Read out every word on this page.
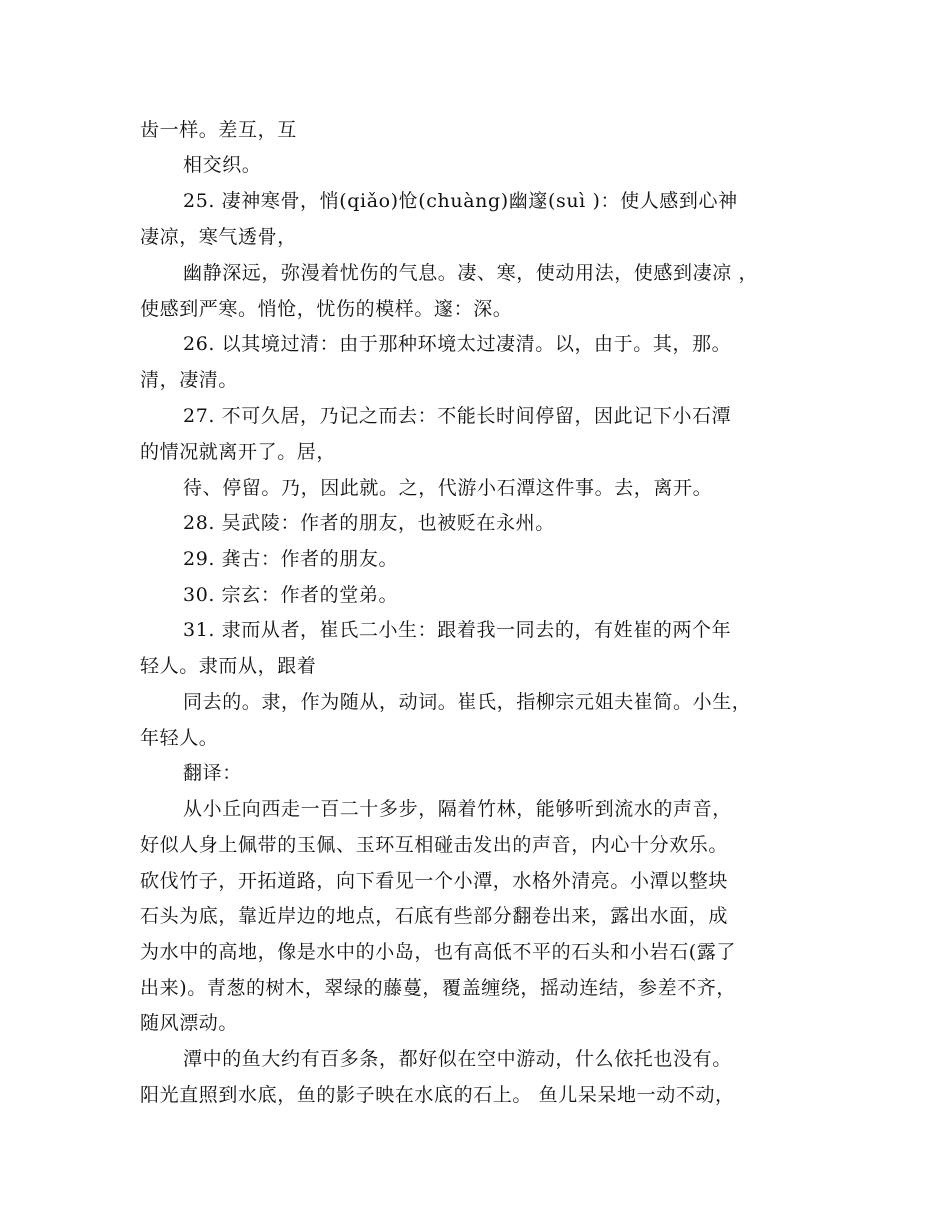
齿一样。差互，互
相交织。
25. 凄神寒骨，悄(qiǎo)怆(chuàng)幽邃(suì )：使人感到心神
凄凉，寒气透骨，
幽静深远，弥漫着忧伤的气息。凄、寒，使动用法，使感到凄凉 ，
使感到严寒。悄怆，忧伤的模样。邃：深。
26. 以其境过清：由于那种环境太过凄清。以，由于。其，那。
清，凄清。
27. 不可久居，乃记之而去：不能长时间停留，因此记下小石潭
的情况就离开了。居，
待、停留。乃，因此就。之，代游小石潭这件事。去，离开。
28. 吴武陵：作者的朋友，也被贬在永州。
29. 龚古：作者的朋友。
30. 宗玄：作者的堂弟。
31. 隶而从者，崔氏二小生：跟着我一同去的，有姓崔的两个年
轻人。隶而从，跟着
同去的。隶，作为随从，动词。崔氏，指柳宗元姐夫崔简。小生，
年轻人。
翻译：
从小丘向西走一百二十多步，隔着竹林，能够听到流水的声音，
好似人身上佩带的玉佩、玉环互相碰击发出的声音，内心十分欢乐。
砍伐竹子，开拓道路，向下看见一个小潭，水格外清亮。小潭以整块
石头为底，靠近岸边的地点，石底有些部分翻卷出来，露出水面，成
为水中的高地，像是水中的小岛，也有高低不平的石头和小岩石(露了
出来)。青葱的树木，翠绿的藤蔓，覆盖缠绕，摇动连结，参差不齐，
随风漂动。
潭中的鱼大约有百多条，都好似在空中游动，什么依托也没有。
阳光直照到水底，鱼的影子映在水底的石上。 鱼儿呆呆地一动不动，
